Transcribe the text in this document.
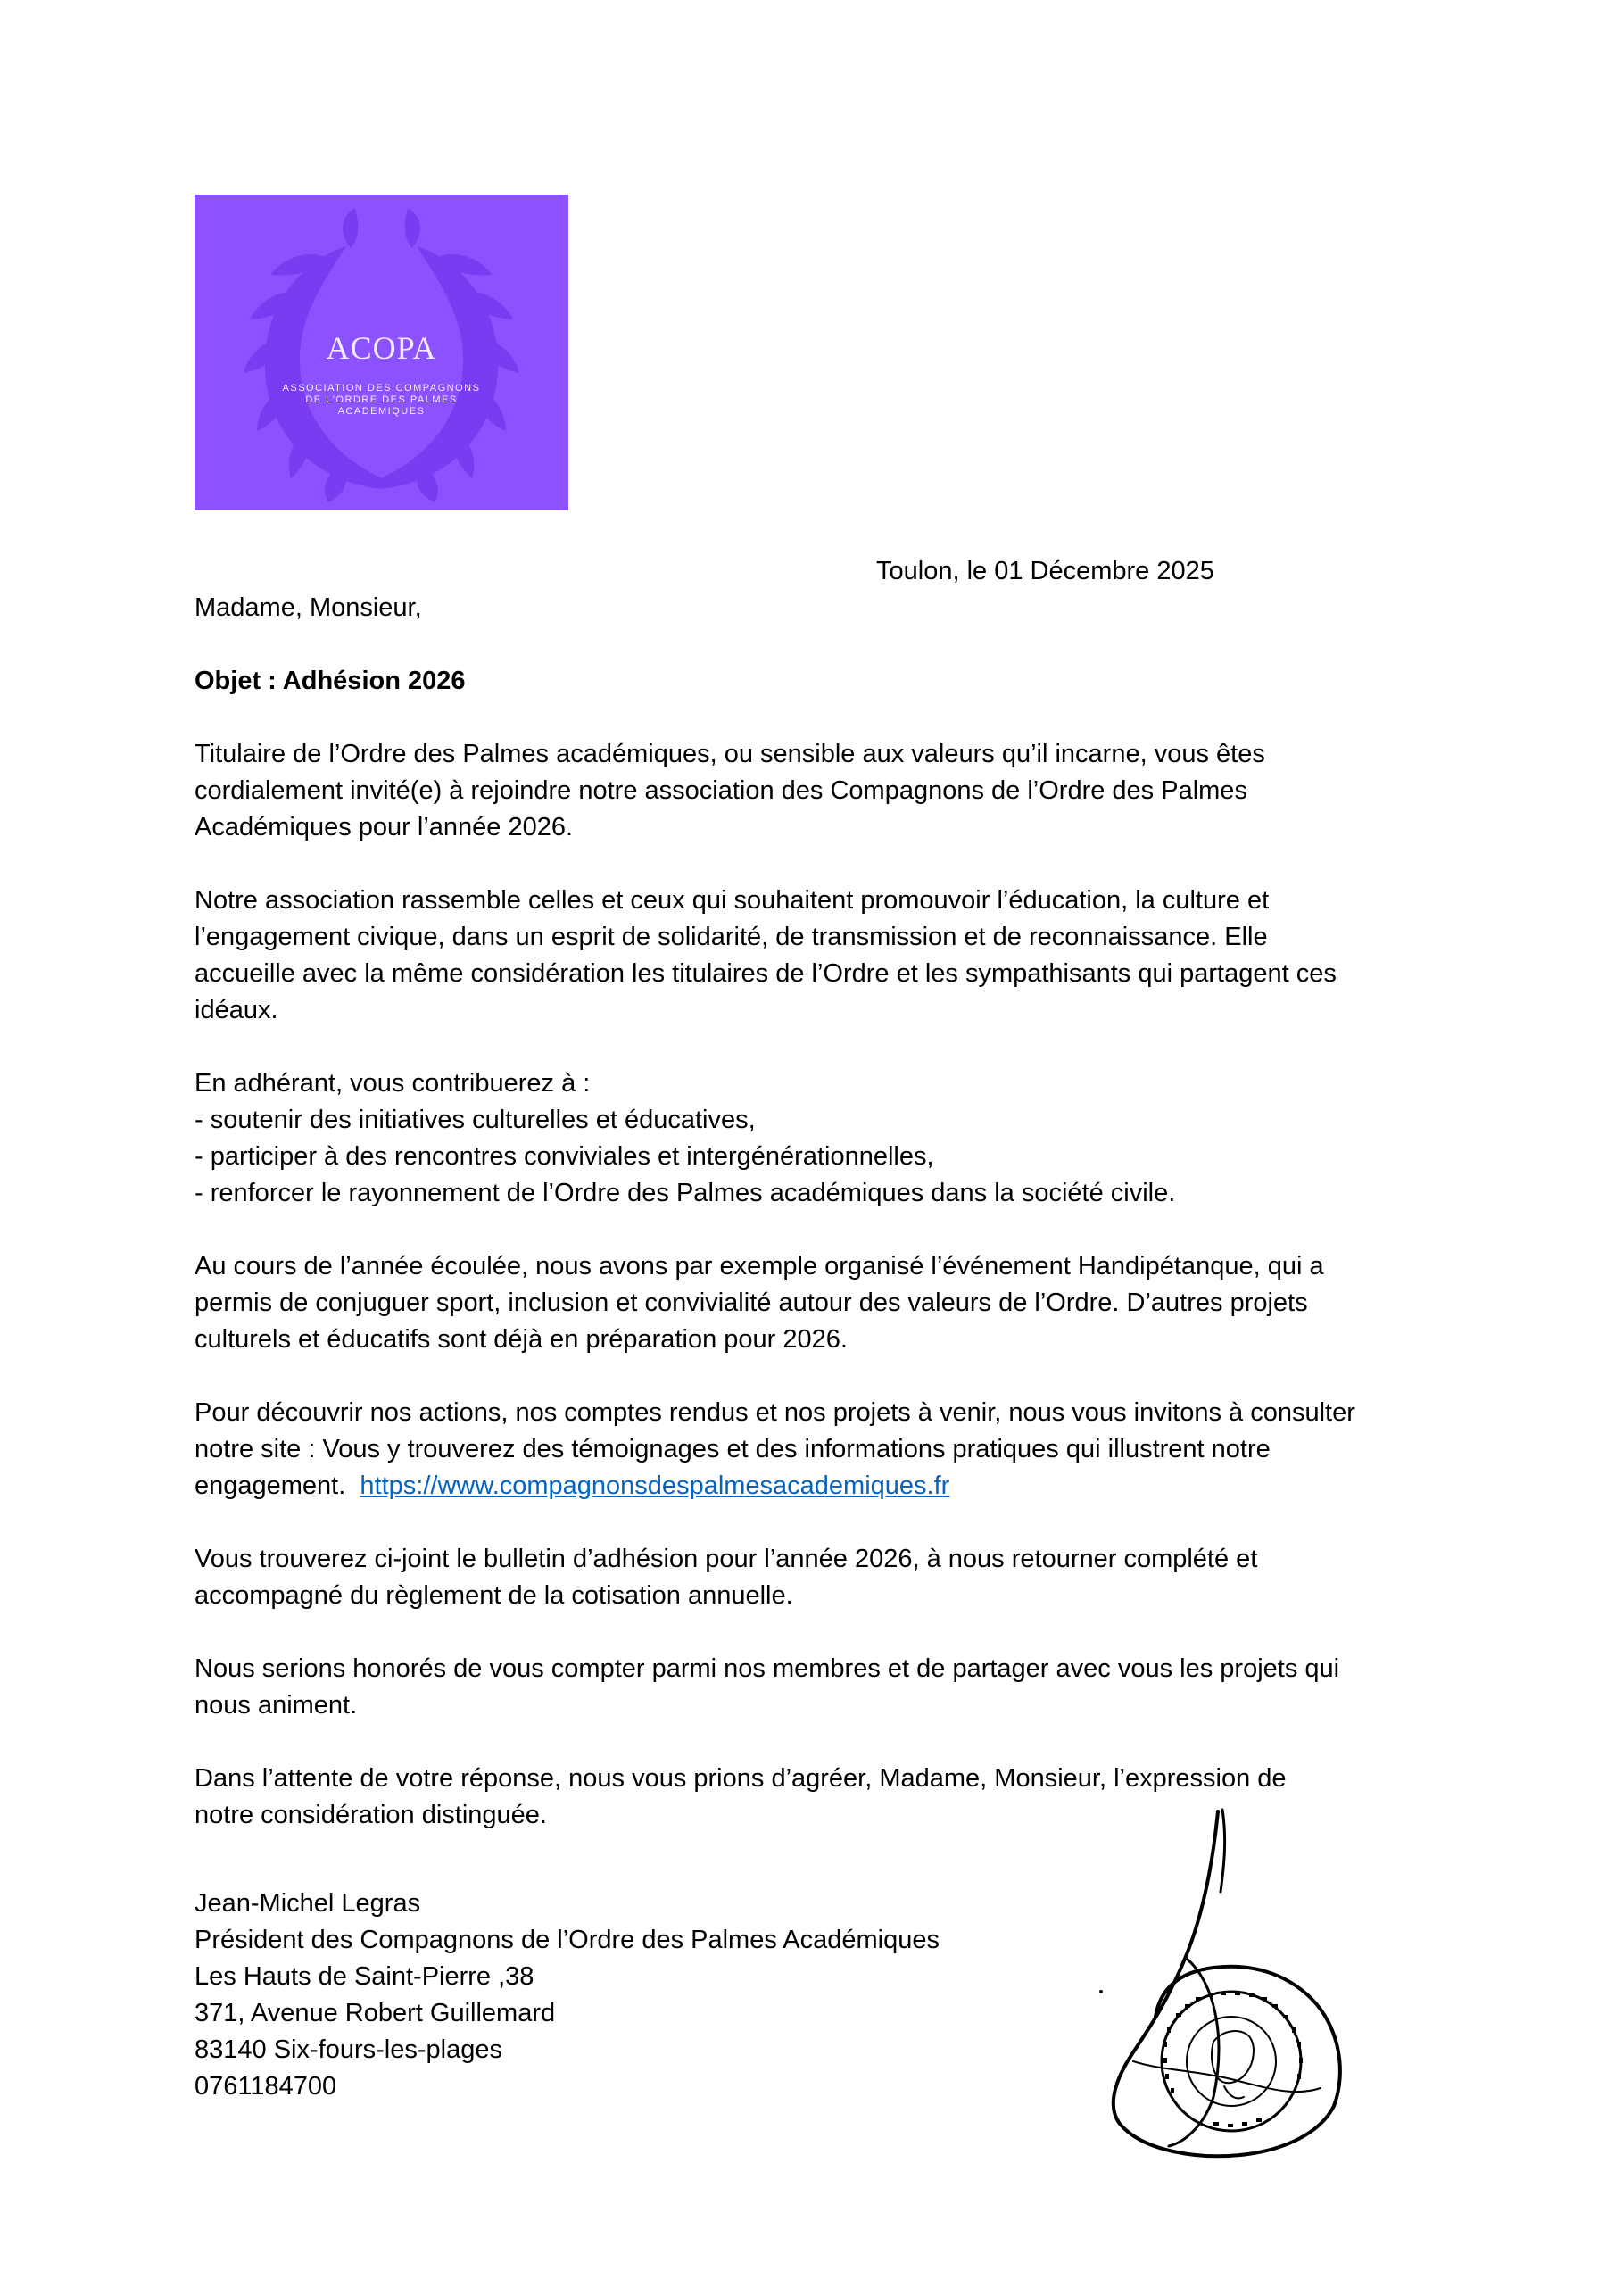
ACOPA
ASSOCIATION DES COMPAGNONS
DE L'ORDRE DES PALMES
ACADEMIQUES
Toulon, le 01 Décembre 2025
Madame, Monsieur,
Objet : Adhésion 2026
Titulaire de l’Ordre des Palmes académiques, ou sensible aux valeurs qu’il incarne, vous êtes
cordialement invité(e) à rejoindre notre association des Compagnons de l’Ordre des Palmes
Académiques pour l’année 2026.
Notre association rassemble celles et ceux qui souhaitent promouvoir l’éducation, la culture et
l’engagement civique, dans un esprit de solidarité, de transmission et de reconnaissance. Elle
accueille avec la même considération les titulaires de l’Ordre et les sympathisants qui partagent ces
idéaux.
En adhérant, vous contribuerez à :
- soutenir des initiatives culturelles et éducatives,
- participer à des rencontres conviviales et intergénérationnelles,
- renforcer le rayonnement de l’Ordre des Palmes académiques dans la société civile.
Au cours de l’année écoulée, nous avons par exemple organisé l’événement Handipétanque, qui a
permis de conjuguer sport, inclusion et convivialité autour des valeurs de l’Ordre. D’autres projets
culturels et éducatifs sont déjà en préparation pour 2026.
Pour découvrir nos actions, nos comptes rendus et nos projets à venir, nous vous invitons à consulter
notre site : Vous y trouverez des témoignages et des informations pratiques qui illustrent notre
engagement.  https://www.compagnonsdespalmesacademiques.fr
Vous trouverez ci-joint le bulletin d’adhésion pour l’année 2026, à nous retourner complété et
accompagné du règlement de la cotisation annuelle.
Nous serions honorés de vous compter parmi nos membres et de partager avec vous les projets qui
nous animent.
Dans l’attente de votre réponse, nous vous prions d’agréer, Madame, Monsieur, l’expression de
notre considération distinguée.
Jean-Michel Legras
Président des Compagnons de l’Ordre des Palmes Académiques
Les Hauts de Saint-Pierre ,38
371, Avenue Robert Guillemard
83140 Six-fours-les-plages
0761184700
